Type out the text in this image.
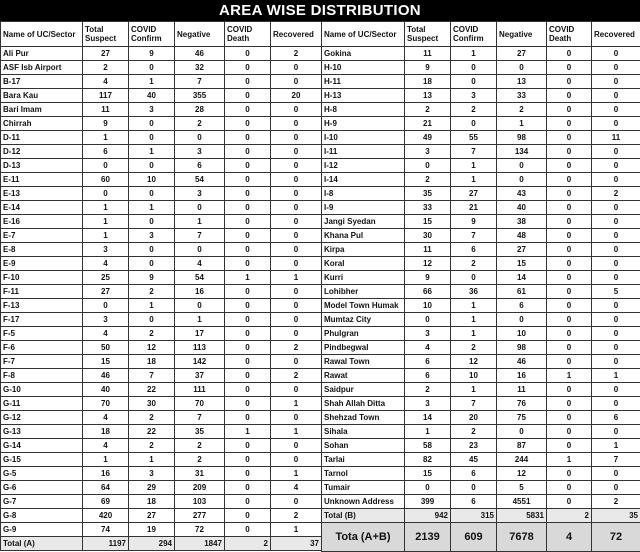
AREA WISE DISTRIBUTION
Name of UC/Sector	Total Suspect	COVID Confirm	Negative	COVID Death	Recovered
Ali Pur	27	9	46	0	2
ASF Isb Airport	2	0	32	0	0
B-17	4	1	7	0	0
Bara Kau	117	40	355	0	20
Bari Imam	11	3	28	0	0
Chirrah	9	0	2	0	0
D-11	1	0	0	0	0
D-12	6	1	3	0	0
D-13	0	0	6	0	0
E-11	60	10	54	0	0
E-13	0	0	3	0	0
E-14	1	1	0	0	0
E-16	1	0	1	0	0
E-7	1	3	7	0	0
E-8	3	0	0	0	0
E-9	4	0	4	0	0
F-10	25	9	54	1	1
F-11	27	2	16	0	0
F-13	0	1	0	0	0
F-17	3	0	1	0	0
F-5	4	2	17	0	0
F-6	50	12	113	0	2
F-7	15	18	142	0	0
F-8	46	7	37	0	2
G-10	40	22	111	0	0
G-11	70	30	70	0	1
G-12	4	2	7	0	0
G-13	18	22	35	1	1
G-14	4	2	2	0	0
G-15	1	1	2	0	0
G-5	16	3	31	0	1
G-6	64	29	209	0	4
G-7	69	18	103	0	0
G-8	420	27	277	0	2
G-9	74	19	72	0	1
Total (A)	1197	294	1847	2	37
Name of UC/Sector	Total Suspect	COVID Confirm	Negative	COVID Death	Recovered
Gokina	11	1	27	0	0
H-10	9	0	0	0	0
H-11	18	0	13	0	0
H-13	13	3	33	0	0
H-8	2	2	2	0	0
H-9	21	0	1	0	0
I-10	49	55	98	0	11
I-11	3	7	134	0	0
I-12	0	1	0	0	0
I-14	2	1	0	0	0
I-8	35	27	43	0	2
I-9	33	21	40	0	0
Jangi Syedan	15	9	38	0	0
Khana Pul	30	7	48	0	0
Kirpa	11	6	27	0	0
Koral	12	2	15	0	0
Kurri	9	0	14	0	0
Lohibher	66	36	61	0	5
Model Town Humak	10	1	6	0	0
Mumtaz City	0	1	0	0	0
Phulgran	3	1	10	0	0
Pindbegwal	4	2	98	0	0
Rawal Town	6	12	46	0	0
Rawat	6	10	16	1	1
Saidpur	2	1	11	0	0
Shah Allah Ditta	3	7	76	0	0
Shehzad Town	14	20	75	0	6
Sihala	1	2	0	0	0
Sohan	58	23	87	0	1
Tarlai	82	45	244	1	7
Tarnol	15	6	12	0	0
Tumair	0	0	5	0	0
Unknown Address	399	6	4551	0	2
Total (B)	942	315	5831	2	35
Tota (A+B)	2139	609	7678	4	72
